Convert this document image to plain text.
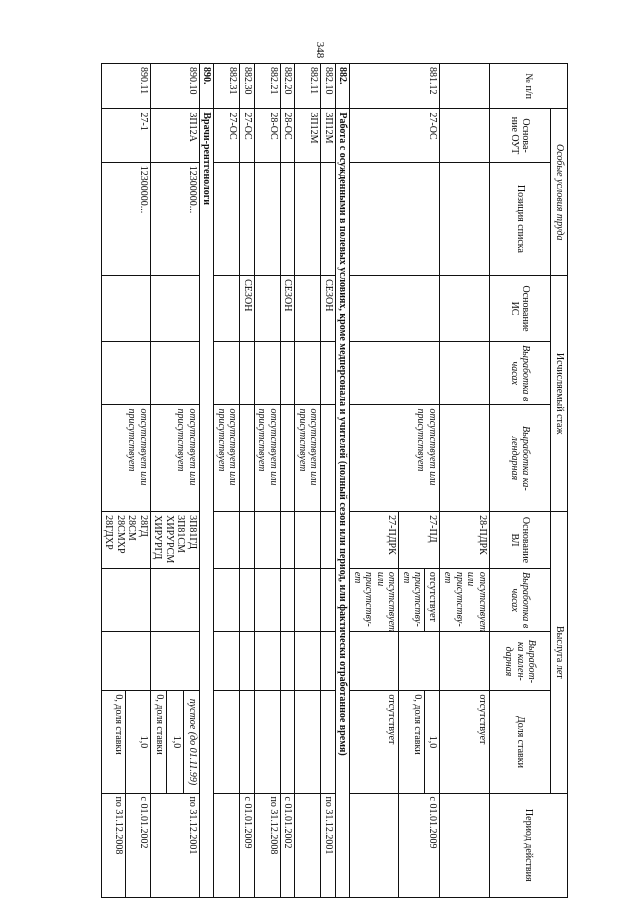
348
№ п/п	Особые условия труда		Исчисляемый стаж			Выслуга лет				Период действия
	Основа-ние ОУТ	Позиция списка	Основание ИС	Выработка в часах	Выработка ка-лендарная	Основание ВЛ	Выработка в часах	Выработ-ка кален-дарная	Доля ставки	
						28-ПДРК	отсутствует или присутству-ет		отсутствует	
881.12	27-ОС				отсутствует или присутствует	27-ПД	отсутствует		1,0	с 01.01.2009
							присутству-ет		0, доля ставки	
						27-ПДРК	отсутствует или присутству-ет		отсутствует	
882.	Работа с осужденными в полевых условиях, кроме медперсонала и учителей (полный сезон или период, или фактически отработанное время)									
882.10	3П12М		СЕЗОН							по 31.12.2001
882.11	3П12М				отсутствует или присутствует					
882.20	28-ОС		СЕЗОН							с 01.01.2002
882.21	28-ОС				отсутствует или присутствует					по 31.12.2008
882.30	27-ОС		СЕЗОН							с 01.01.2009
882.31	27-ОС				отсутствует или присутствует					
890.	Врачи-рентгенологи									
890.10	3П12А	12300000...			отсутствует или присутствует	3П81ГД 3П81СМ ХИРУРСМ ХИРУРГД			пустое (до 01.11.99)	по 31.12.2001
									1,0	
									0, доля ставки	
890.11	27-1	12300000...			отсутствует или присутствует	28ГД 28СМ 28СМХР 28ГДХР			1,0	с 01.01.2002
									0, доля ставки	по 31.12.2008
